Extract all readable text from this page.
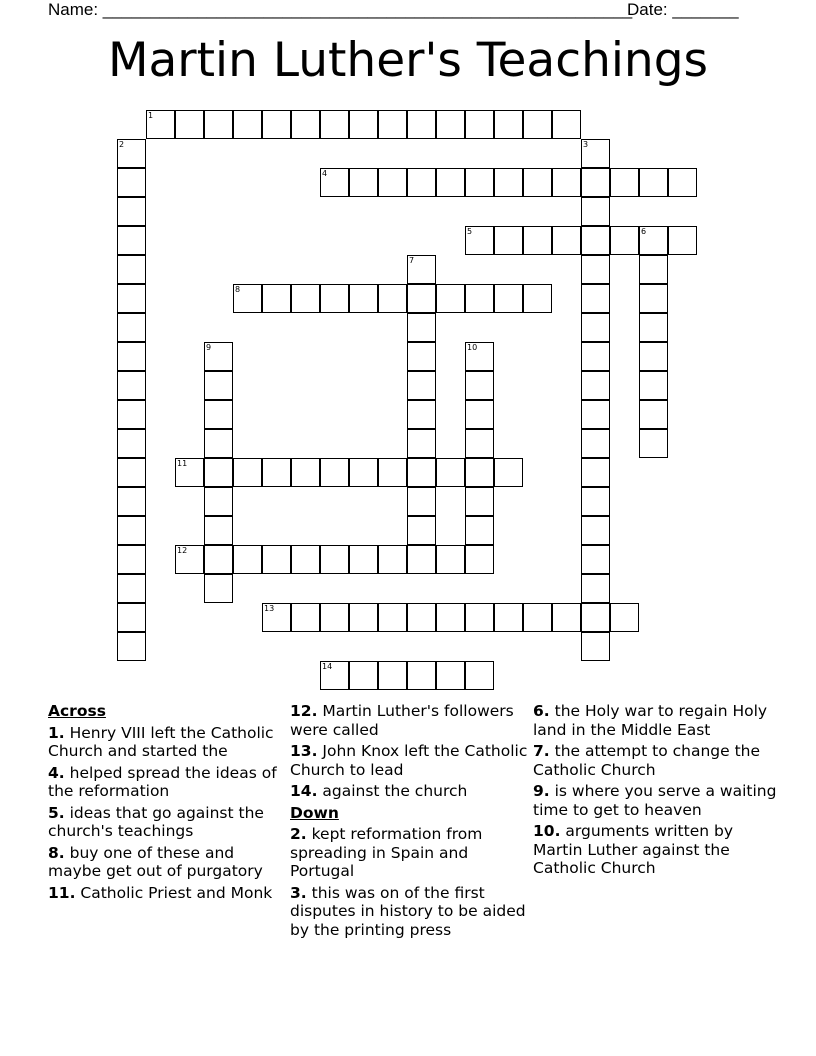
Name: ________________________________________________________
Date: _______
Martin Luther's Teachings
1
2	3
4
5	6
7
8
9	10
11
12
13
14
Across
1. Henry VIII left the Catholic Church and started the
4. helped spread the ideas of the reformation
5. ideas that go against the church's teachings
8. buy one of these and maybe get out of purgatory
11. Catholic Priest and Monk
12. Martin Luther's followers were called
13. John Knox left the Catholic Church to lead
14. against the church
Down
2. kept reformation from spreading in Spain and Portugal
3. this was on of the first disputes in history to be aided by the printing press
6. the Holy war to regain Holy land in the Middle East
7. the attempt to change the Catholic Church
9. is where you serve a waiting time to get to heaven
10. arguments written by Martin Luther against the Catholic Church
